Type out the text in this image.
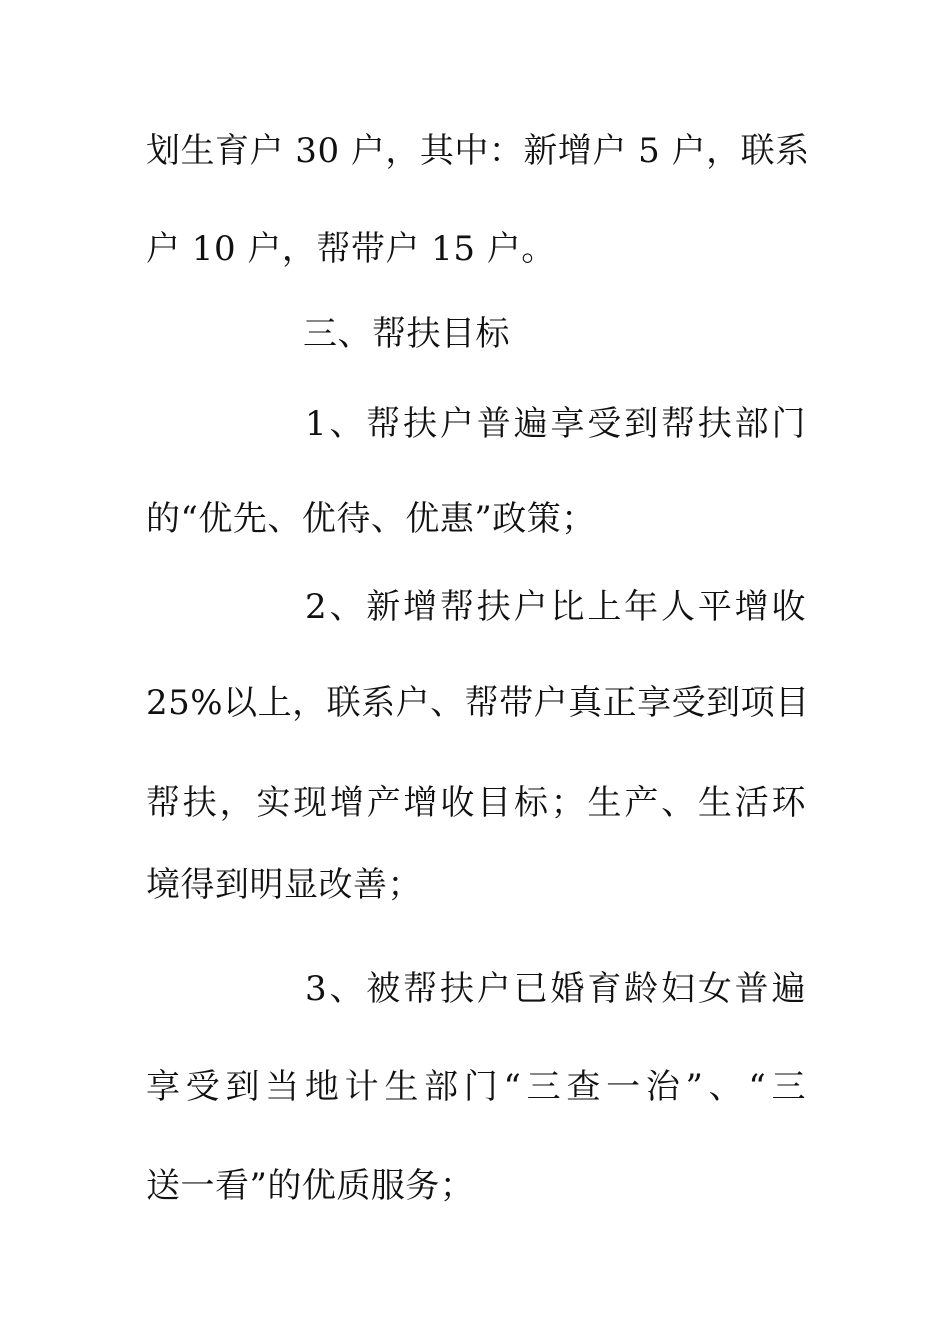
划生育户 30 户，其中：新增户 5 户，联系
户 10 户，帮带户 15 户。
三、帮扶目标
1、帮扶户普遍享受到帮扶部门
的“优先、优待、优惠”政策；
2、新增帮扶户比上年人平增收
25%以上，联系户、帮带户真正享受到项目
帮扶，实现增产增收目标；生产、生活环
境得到明显改善；
3、被帮扶户已婚育龄妇女普遍
享受到当地计生部门“三查一治”、“三
送一看”的优质服务；
